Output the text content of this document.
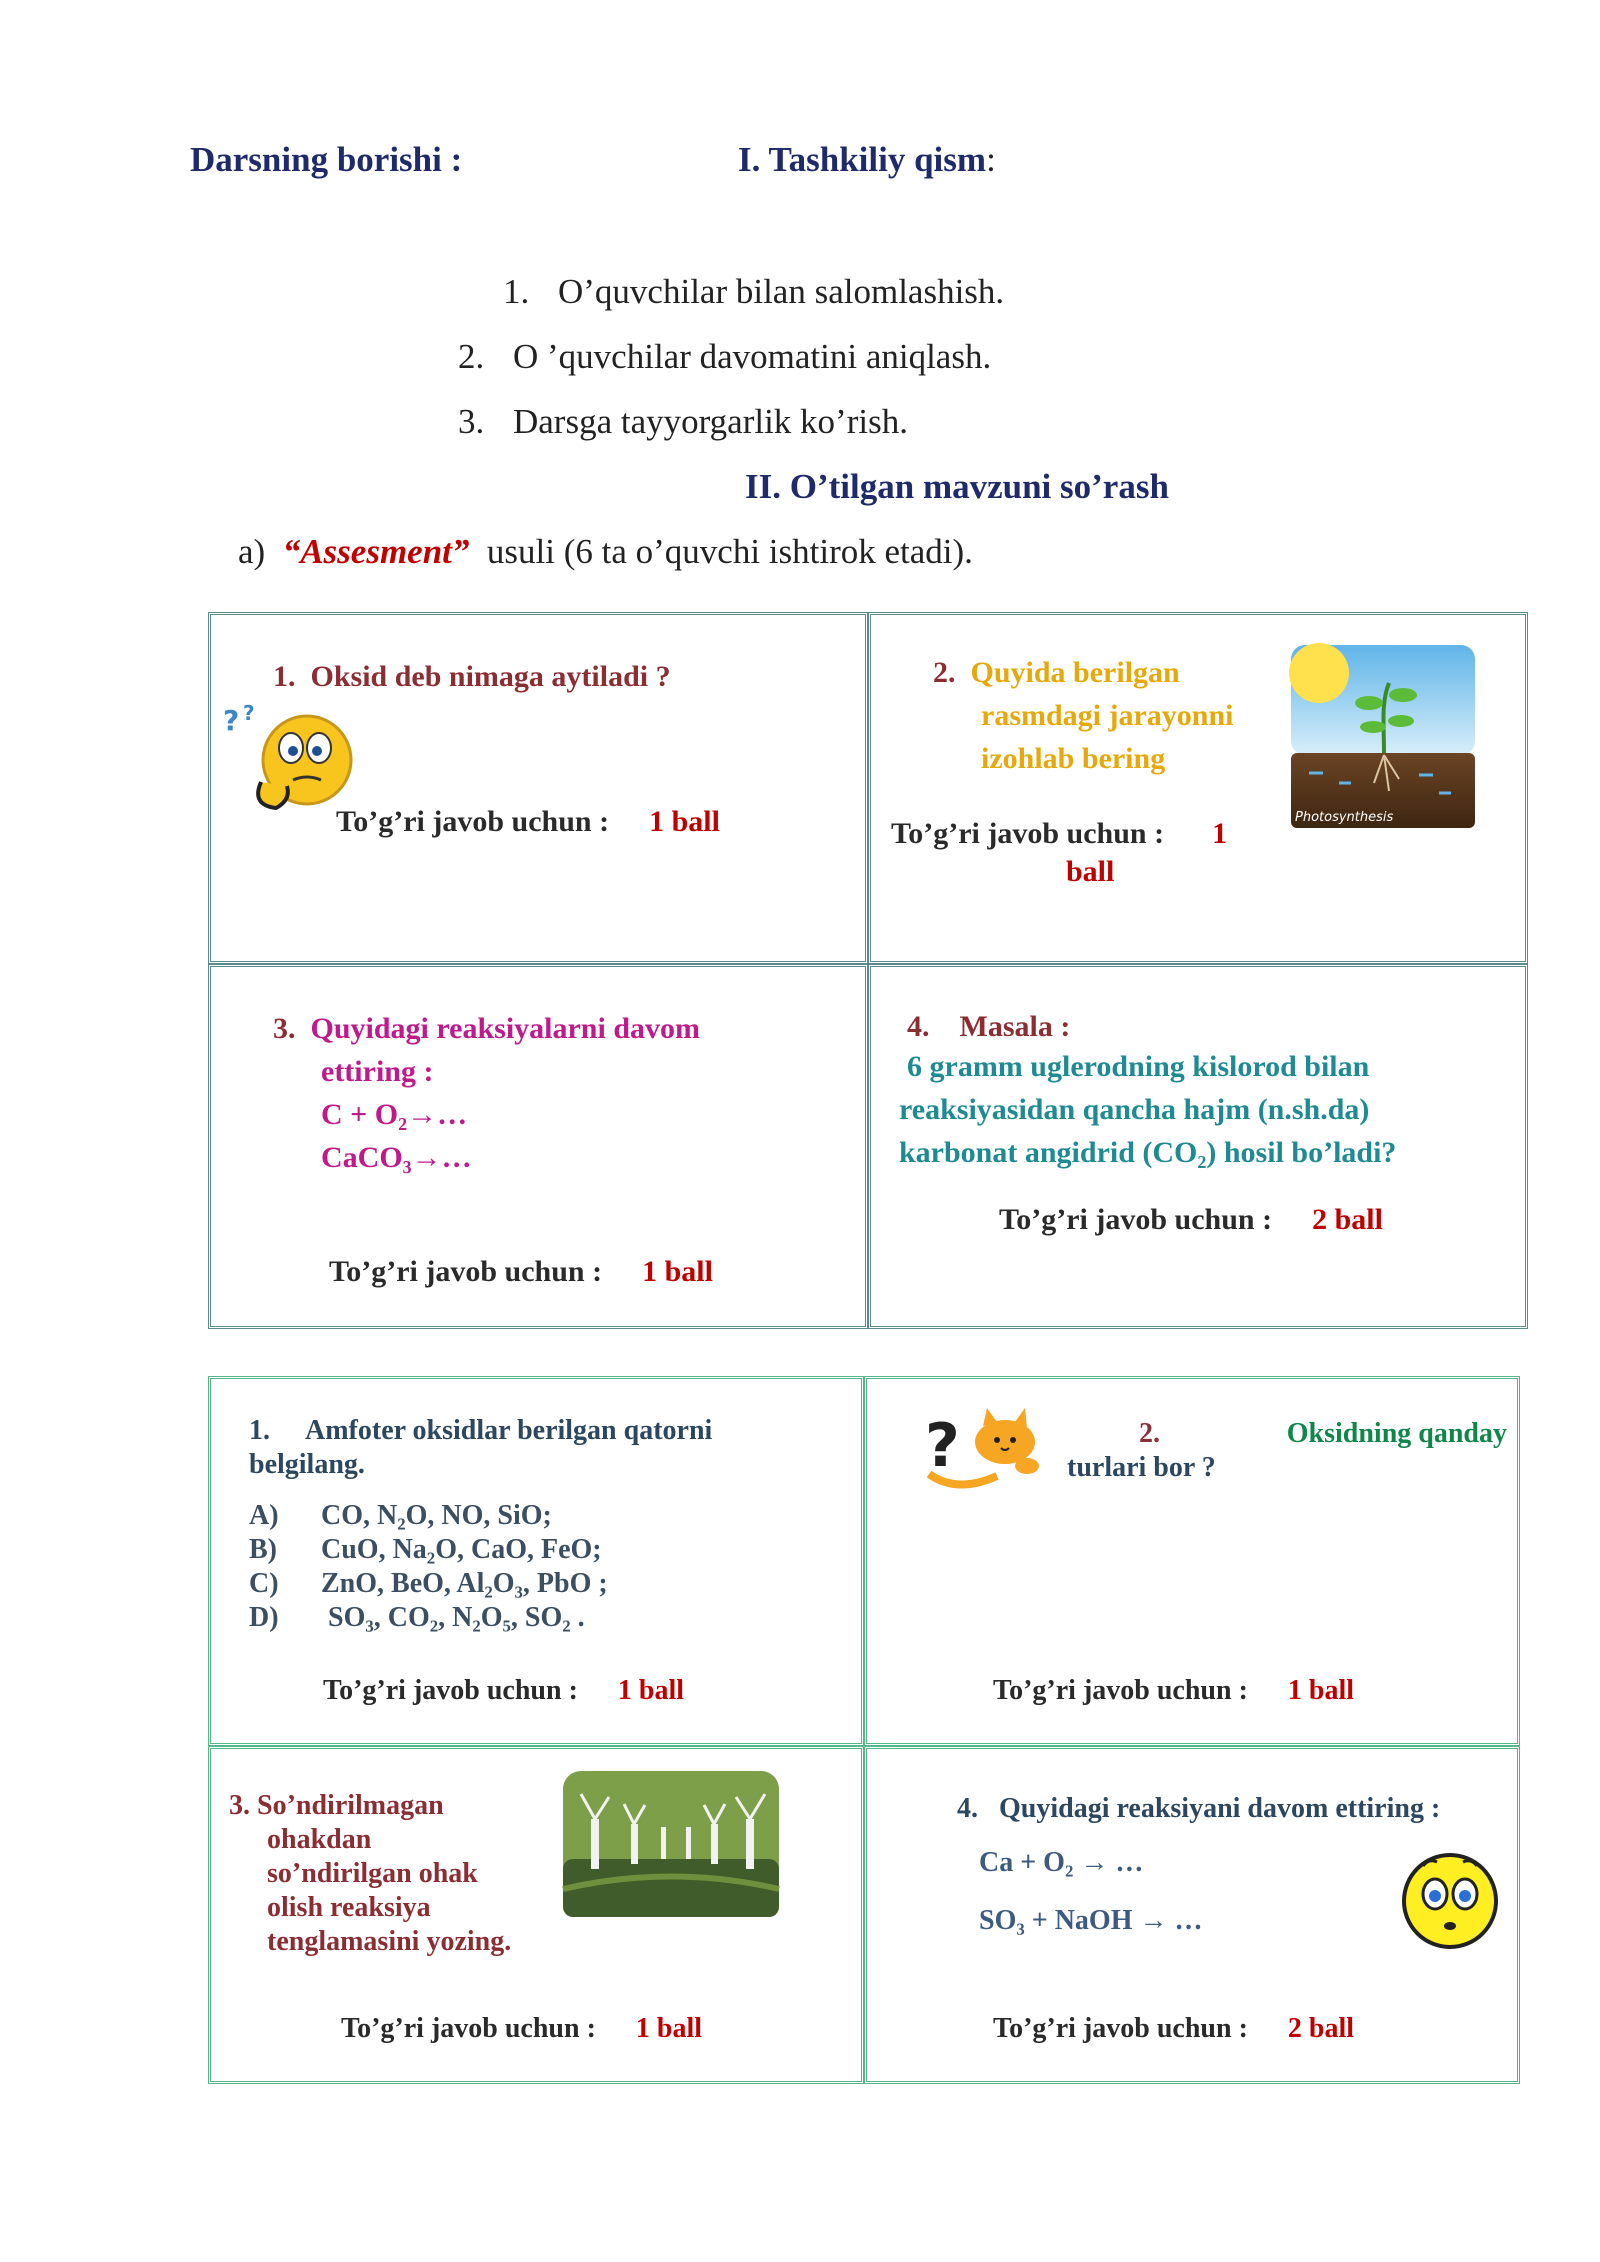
Darsning borishi :	I. Tashkiliy qism:
1. O’quvchilar bilan salomlashish.
2. O ’quvchilar davomatini aniqlash.
3. Darsga tayyorgarlik ko’rish.
II. O’tilgan mavzuni so’rash
a) “Assesment” usuli (6 ta o’quvchi ishtirok etadi).
1. Oksid deb nimaga aytiladi ?
? ?
To’g’ri javob uchun : 1 ball
2. Quyida berilgan
rasmdagi jarayonni
izohlab bering
To’g’ri javob uchun : 1
ball
Photosynthesis
3. Quyidagi reaksiyalarni davom
ettiring :
C + O₂→…
CaCO₃→…
To’g’ri javob uchun : 1 ball
4. Masala :
6 gramm uglerodning kislorod bilan
reaksiyasidan qancha hajm (n.sh.da)
karbonat angidrid (CO₂) hosil bo’ladi?
To’g’ri javob uchun : 2 ball
1. Amfoter oksidlar berilgan qatorni
belgilang.
A) CO, N₂O, NO, SiO;
B) CuO, Na₂O, CaO, FeO;
C) ZnO, BeO, Al₂O₃, PbO ;
D) SO₃, CO₂, N₂O₅, SO₂ .
To’g’ri javob uchun : 1 ball
?	2.	Oksidning qanday

turlari bor ?
To’g’ri javob uchun : 1 ball
3. So’ndirilmagan
ohakdan
so’ndirilgan ohak
olish reaksiya
tenglamasini yozing.
To’g’ri javob uchun : 1 ball
4. Quyidagi reaksiyani davom ettiring :
Ca + O₂ → …
SO₃ + NaOH → …
To’g’ri javob uchun : 2 ball
